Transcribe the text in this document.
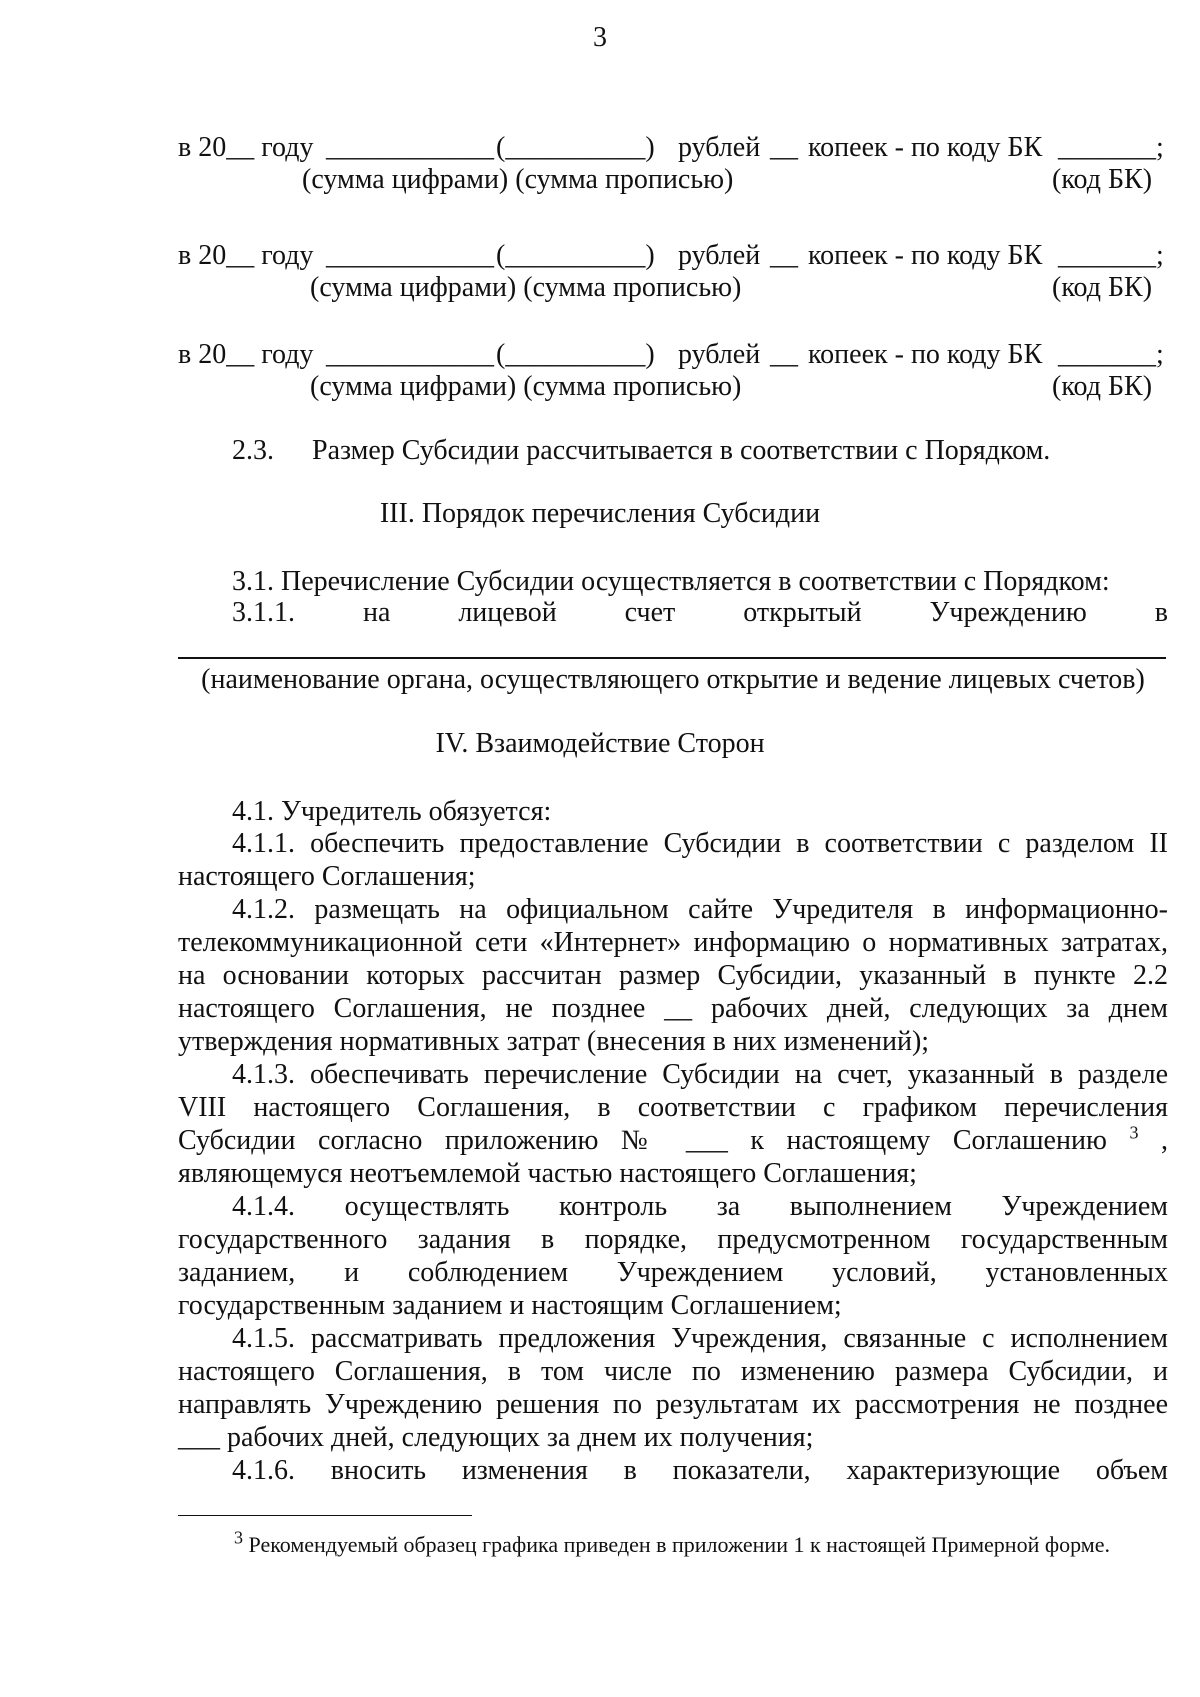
3
в 20__ году ____________ (__________) рублей __ копеек - по коду БК _______;
(сумма цифрами) (сумма прописью)	(код БК)
в 20__ году ____________ (__________) рублей __ копеек - по коду БК _______;
(сумма цифрами) (сумма прописью)	(код БК)
в 20__ году ____________ (__________) рублей __ копеек - по коду БК _______;
(сумма цифрами) (сумма прописью)	(код БК)
2.3. Размер Субсидии рассчитывается в соответствии с Порядком.
III. Порядок перечисления Субсидии
3.1. Перечисление Субсидии осуществляется в соответствии с Порядком:
3.1.1. на лицевой счет открытый Учреждению в
(наименование органа, осуществляющего открытие и ведение лицевых счетов)
IV. Взаимодействие Сторон
4.1. Учредитель обязуется:
4.1.1. обеспечить предоставление Субсидии в соответствии с разделом II
настоящего Соглашения;
4.1.2. размещать на официальном сайте Учредителя в информационно-
телекоммуникационной сети «Интернет» информацию о нормативных затратах,
на основании которых рассчитан размер Субсидии, указанный в пункте 2.2
настоящего Соглашения, не позднее __ рабочих дней, следующих за днем
утверждения нормативных затрат (внесения в них изменений);
4.1.3. обеспечивать перечисление Субсидии на счет, указанный в разделе
VIII настоящего Соглашения, в соответствии с графиком перечисления
Субсидии согласно приложению № ___ к настоящему Соглашению $^3$ ,
являющемуся неотъемлемой частью настоящего Соглашения;
4.1.4. осуществлять контроль за выполнением Учреждением
государственного задания в порядке, предусмотренном государственным
заданием, и соблюдением Учреждением условий, установленных
государственным заданием и настоящим Соглашением;
4.1.5. рассматривать предложения Учреждения, связанные с исполнением
настоящего Соглашения, в том числе по изменению размера Субсидии, и
направлять Учреждению решения по результатам их рассмотрения не позднее
___ рабочих дней, следующих за днем их получения;
4.1.6. вносить изменения в показатели, характеризующие объем
$^3$ Рекомендуемый образец графика приведен в приложении 1 к настоящей Примерной форме.
